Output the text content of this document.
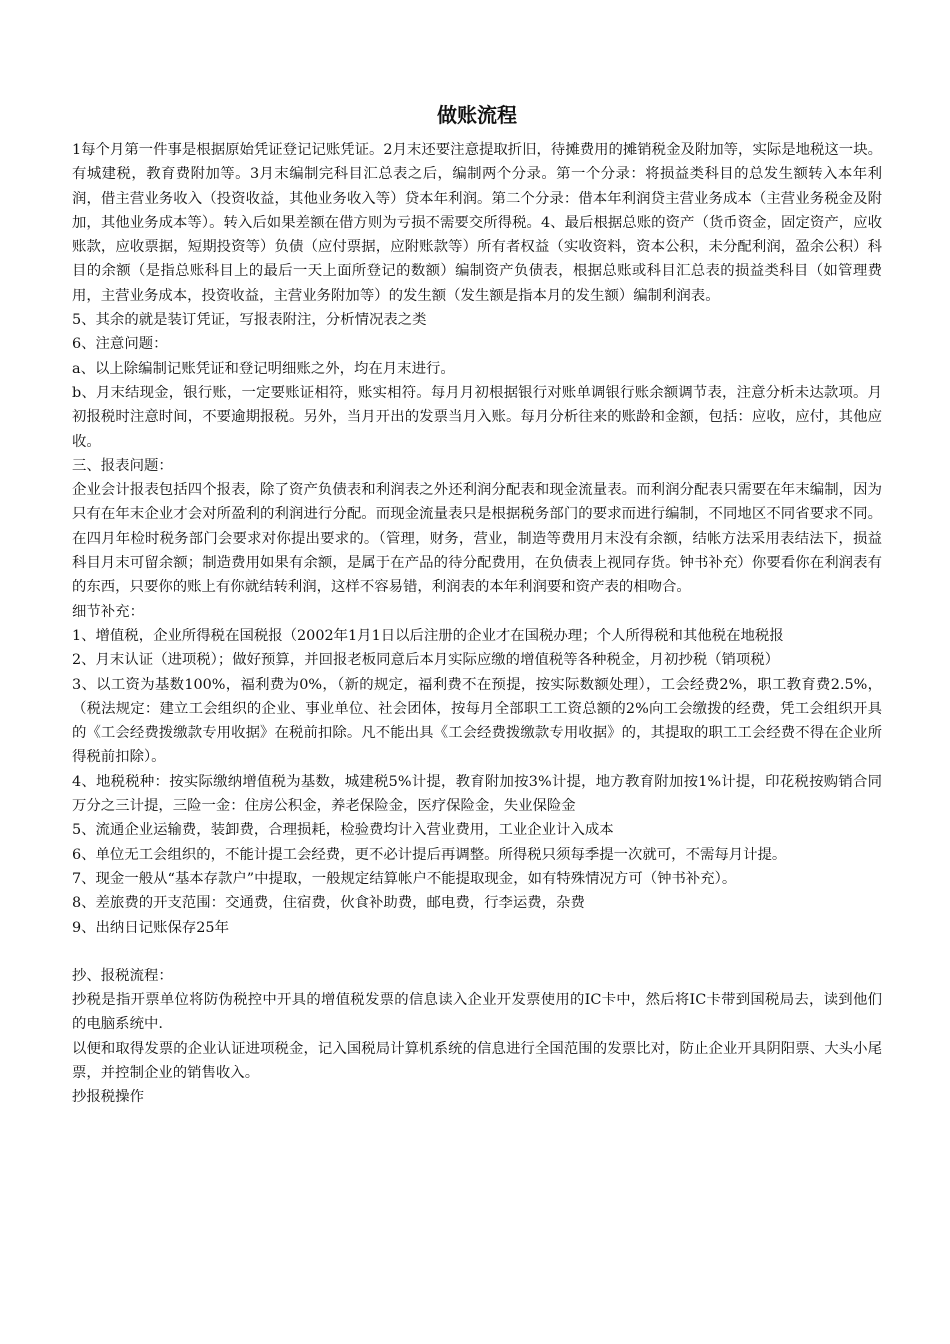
做账流程

1每个月第一件事是根据原始凭证登记记账凭证。2月末还要注意提取折旧，待摊费用的摊销税金及附加等，实际是地税这一块。有城建税，教育费附加等。3月末编制完科目汇总表之后，编制两个分录。第一个分录：将损益类科目的总发生额转入本年利润，借主营业务收入（投资收益，其他业务收入等）贷本年利润。第二个分录：借本年利润贷主营业务成本（主营业务税金及附加，其他业务成本等）。转入后如果差额在借方则为亏损不需要交所得税。4、最后根据总账的资产（货币资金，固定资产，应收账款，应收票据，短期投资等）负债（应付票据，应附账款等）所有者权益（实收资料，资本公积，未分配利润，盈余公积）科目的余额（是指总账科目上的最后一天上面所登记的数额）编制资产负债表，根据总账或科目汇总表的损益类科目（如管理费用，主营业务成本，投资收益，主营业务附加等）的发生额（发生额是指本月的发生额）编制利润表。

5、其余的就是装订凭证，写报表附注，分析情况表之类

6、注意问题：

a、以上除编制记账凭证和登记明细账之外，均在月末进行。

b、月末结现金，银行账，一定要账证相符，账实相符。每月月初根据银行对账单调银行账余额调节表，注意分析未达款项。月初报税时注意时间，不要逾期报税。另外，当月开出的发票当月入账。每月分析往来的账龄和金额，包括：应收，应付，其他应收。

三、报表问题：

企业会计报表包括四个报表，除了资产负债表和利润表之外还利润分配表和现金流量表。而利润分配表只需要在年末编制，因为只有在年末企业才会对所盈利的利润进行分配。而现金流量表只是根据税务部门的要求而进行编制，不同地区不同省要求不同。在四月年检时税务部门会要求对你提出要求的。（管理，财务，营业，制造等费用月末没有余额，结帐方法采用表结法下，损益科目月末可留余额；制造费用如果有余额，是属于在产品的待分配费用，在负债表上视同存货。钟书补充）你要看你在利润表有的东西，只要你的账上有你就结转利润，这样不容易错，利润表的本年利润要和资产表的相吻合。

细节补充：

1、增值税，企业所得税在国税报（2002年1月1日以后注册的企业才在国税办理；个人所得税和其他税在地税报

2、月末认证（进项税）；做好预算，并回报老板同意后本月实际应缴的增值税等各种税金，月初抄税（销项税）

3、以工资为基数100%，福利费为0%，（新的规定，福利费不在预提，按实际数额处理），工会经费2%，职工教育费2.5%，（税法规定：建立工会组织的企业、事业单位、社会团体，按每月全部职工工资总额的2%向工会缴拨的经费，凭工会组织开具的《工会经费拨缴款专用收据》在税前扣除。凡不能出具《工会经费拨缴款专用收据》的，其提取的职工工会经费不得在企业所得税前扣除）。

4、地税税种：按实际缴纳增值税为基数，城建税5%计提，教育附加按3%计提，地方教育附加按1%计提，印花税按购销合同万分之三计提，三险一金：住房公积金，养老保险金，医疗保险金，失业保险金

5、流通企业运输费，装卸费，合理损耗，检验费均计入营业费用，工业企业计入成本

6、单位无工会组织的，不能计提工会经费，更不必计提后再调整。所得税只须每季提一次就可，不需每月计提。

7、现金一般从“基本存款户”中提取，一般规定结算帐户不能提取现金，如有特殊情况方可（钟书补充）。

8、差旅费的开支范围：交通费，住宿费，伙食补助费，邮电费，行李运费，杂费

9、出纳日记账保存25年

抄、报税流程：

抄税是指开票单位将防伪税控中开具的增值税发票的信息读入企业开发票使用的IC卡中，然后将IC卡带到国税局去，读到他们的电脑系统中.

以便和取得发票的企业认证进项税金，记入国税局计算机系统的信息进行全国范围的发票比对，防止企业开具阴阳票、大头小尾票，并控制企业的销售收入。

抄报税操作
